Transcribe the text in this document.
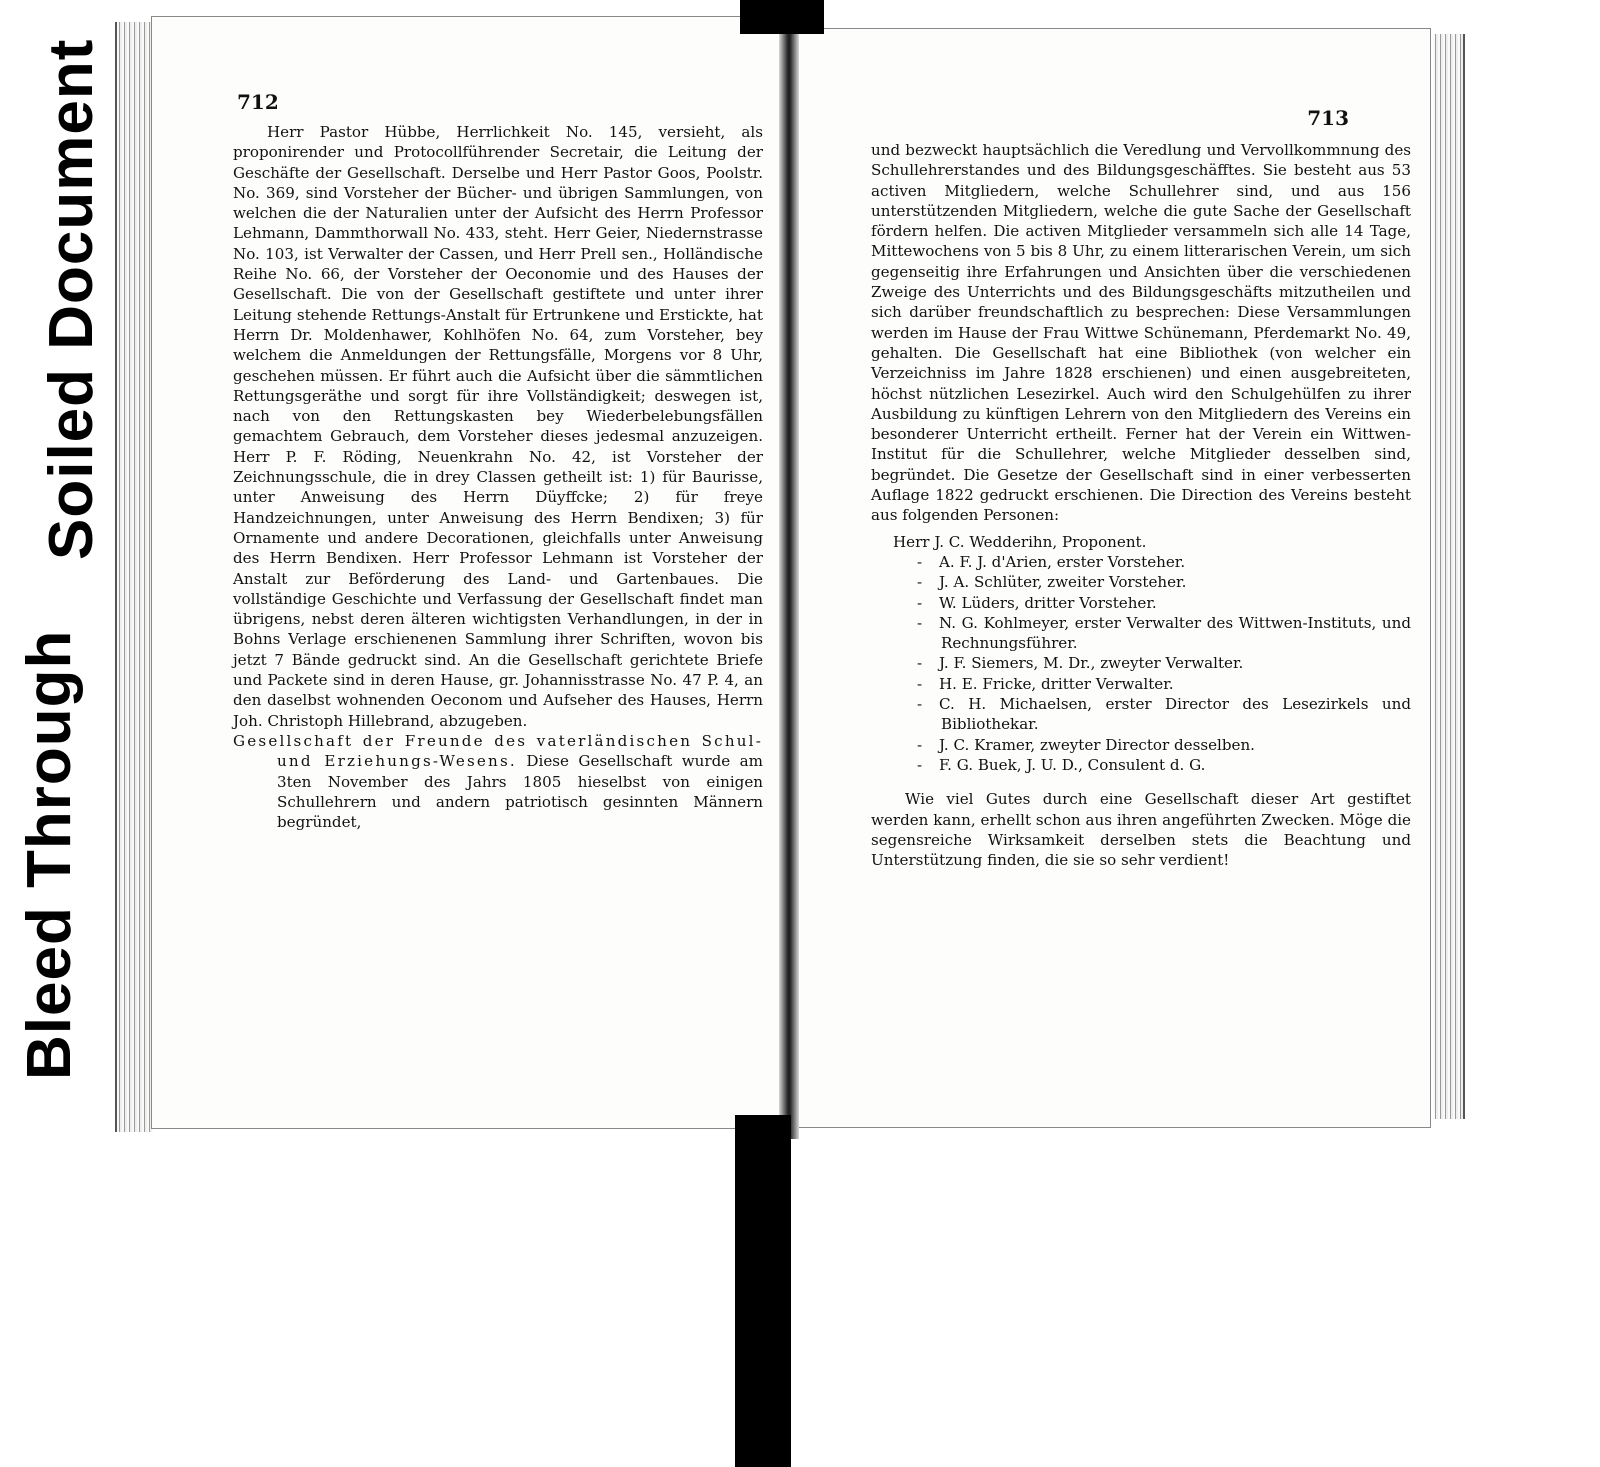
Soiled Document
Bleed Through
712

Herr Pastor Hübbe, Herrlichkeit No. 145, versieht, als proponirender und Protocollführender Secretair, die Leitung der Geschäfte der Gesellschaft. Derselbe und Herr Pastor Goos, Poolstr. No. 369, sind Vorsteher der Bücher- und übrigen Sammlungen, von welchen die der Naturalien unter der Aufsicht des Herrn Professor Lehmann, Dammthorwall No. 433, steht. Herr Geier, Niedernstrasse No. 103, ist Verwalter der Cassen, und Herr Prell sen., Holländische Reihe No. 66, der Vorsteher der Oeconomie und des Hauses der Gesellschaft. Die von der Gesellschaft gestiftete und unter ihrer Leitung stehende Rettungs-Anstalt für Ertrunkene und Erstickte, hat Herrn Dr. Moldenhawer, Kohlhöfen No. 64, zum Vorsteher, bey welchem die Anmeldungen der Rettungsfälle, Morgens vor 8 Uhr, geschehen müssen. Er führt auch die Aufsicht über die sämmtlichen Rettungsgeräthe und sorgt für ihre Vollständigkeit; deswegen ist, nach von den Rettungskasten bey Wiederbelebungsfällen gemachtem Gebrauch, dem Vorsteher dieses jedesmal anzuzeigen. Herr P. F. Röding, Neuenkrahn No. 42, ist Vorsteher der Zeichnungsschule, die in drey Classen getheilt ist: 1) für Baurisse, unter Anweisung des Herrn Düyffcke; 2) für freye Handzeichnungen, unter Anweisung des Herrn Bendixen; 3) für Ornamente und andere Decorationen, gleichfalls unter Anweisung des Herrn Bendixen. Herr Professor Lehmann ist Vorsteher der Anstalt zur Beförderung des Land- und Gartenbaues. Die vollständige Geschichte und Verfassung der Gesellschaft findet man übrigens, nebst deren älteren wichtigsten Verhandlungen, in der in Bohns Verlage erschienenen Sammlung ihrer Schriften, wovon bis jetzt 7 Bände gedruckt sind. An die Gesellschaft gerichtete Briefe und Packete sind in deren Hause, gr. Johannisstrasse No. 47 P. 4, an den daselbst wohnenden Oeconom und Aufseher des Hauses, Herrn Joh. Christoph Hillebrand, abzugeben.

Gesellschaft der Freunde des vaterländischen Schul- und Erziehungs-Wesens. Diese Gesellschaft wurde am 3ten November des Jahrs 1805 hieselbst von einigen Schullehrern und andern patriotisch gesinnten Männern begründet,

713

und bezweckt hauptsächlich die Veredlung und Vervollkommnung des Schullehrerstandes und des Bildungsgeschäfftes. Sie besteht aus 53 activen Mitgliedern, welche Schullehrer sind, und aus 156 unterstützenden Mitgliedern, welche die gute Sache der Gesellschaft fördern helfen. Die activen Mitglieder versammeln sich alle 14 Tage, Mittewochens von 5 bis 8 Uhr, zu einem litterarischen Verein, um sich gegenseitig ihre Erfahrungen und Ansichten über die verschiedenen Zweige des Unterrichts und des Bildungsgeschäfts mitzutheilen und sich darüber freundschaftlich zu besprechen: Diese Versammlungen werden im Hause der Frau Wittwe Schünemann, Pferdemarkt No. 49, gehalten. Die Gesellschaft hat eine Bibliothek (von welcher ein Verzeichniss im Jahre 1828 erschienen) und einen ausgebreiteten, höchst nützlichen Lesezirkel. Auch wird den Schulgehülfen zu ihrer Ausbildung zu künftigen Lehrern von den Mitgliedern des Vereins ein besonderer Unterricht ertheilt. Ferner hat der Verein ein Wittwen-Institut für die Schullehrer, welche Mitglieder desselben sind, begründet. Die Gesetze der Gesellschaft sind in einer verbesserten Auflage 1822 gedruckt erschienen. Die Direction des Vereins besteht aus folgenden Personen:

Herr J. C. Wedderihn, Proponent.
- A. F. J. d'Arien, erster Vorsteher.
- J. A. Schlüter, zweiter Vorsteher.
- W. Lüders, dritter Vorsteher.
- N. G. Kohlmeyer, erster Verwalter des Wittwen-Instituts, und Rechnungsführer.
- J. F. Siemers, M. Dr., zweyter Verwalter.
- H. E. Fricke, dritter Verwalter.
- C. H. Michaelsen, erster Director des Lesezirkels und Bibliothekar.
- J. C. Kramer, zweyter Director desselben.
- F. G. Buek, J. U. D., Consulent d. G.

Wie viel Gutes durch eine Gesellschaft dieser Art gestiftet werden kann, erhellt schon aus ihren angeführten Zwecken. Möge die segensreiche Wirksamkeit derselben stets die Beachtung und Unterstützung finden, die sie so sehr verdient!
